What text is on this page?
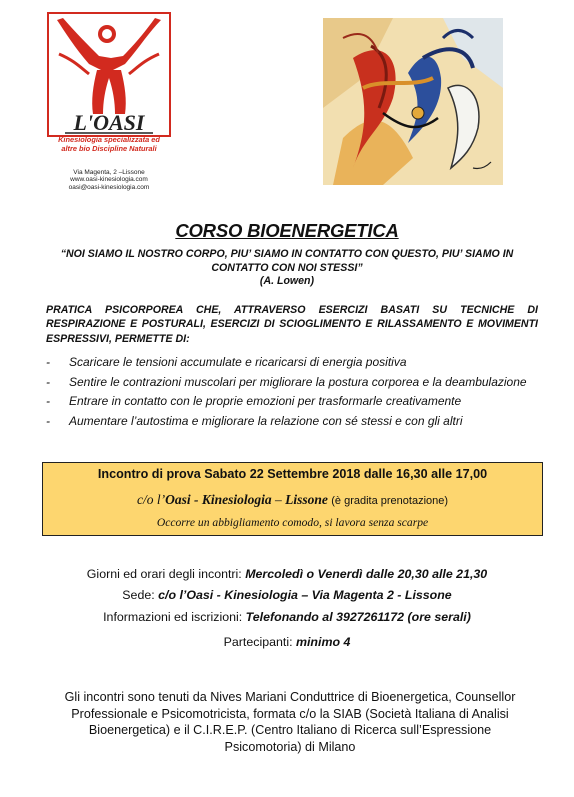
L'OASI
Kinesiologia specializzata ed altre bio Discipline Naturali
Via Magenta, 2 –Lissone
www.oasi-kinesiologia.com
oasi@oasi-kinesiologia.com
CORSO BIOENERGETICA
“NOI SIAMO IL NOSTRO CORPO, PIU’ SIAMO IN CONTATTO CON QUESTO, PIU’ SIAMO IN CONTATTO CON NOI STESSI”
(A. Lowen)
PRATICA PSICORPOREA CHE, ATTRAVERSO ESERCIZI BASATI SU TECNICHE DI RESPIRAZIONE E POSTURALI, ESERCIZI DI SCIOGLIMENTO E RILASSAMENTO E MOVIMENTI ESPRESSIVI, PERMETTE DI:
- Scaricare le tensioni accumulate e ricaricarsi di energia positiva
- Sentire le contrazioni muscolari per migliorare la postura corporea e la deambulazione
- Entrare in contatto con le proprie emozioni per trasformarle creativamente
- Aumentare l’autostima e migliorare la relazione con sé stessi e con gli altri
Incontro di prova Sabato 22 Settembre 2018 dalle 16,30 alle 17,00
c/o l’Oasi - Kinesiologia – Lissone (è gradita prenotazione)
Occorre un abbigliamento comodo, si lavora senza scarpe
Giorni ed orari degli incontri: Mercoledì o Venerdì dalle 20,30 alle 21,30
Sede: c/o l’Oasi - Kinesiologia – Via Magenta 2 - Lissone
Informazioni ed iscrizioni: Telefonando al 3927261172 (ore serali)
Partecipanti: minimo 4
Gli incontri sono tenuti da Nives Mariani Conduttrice di Bioenergetica, Counsellor Professionale e Psicomotricista, formata c/o la SIAB (Società Italiana di Analisi Bioenergetica) e il C.I.R.E.P. (Centro Italiano di Ricerca sull’Espressione Psicomotoria) di Milano
